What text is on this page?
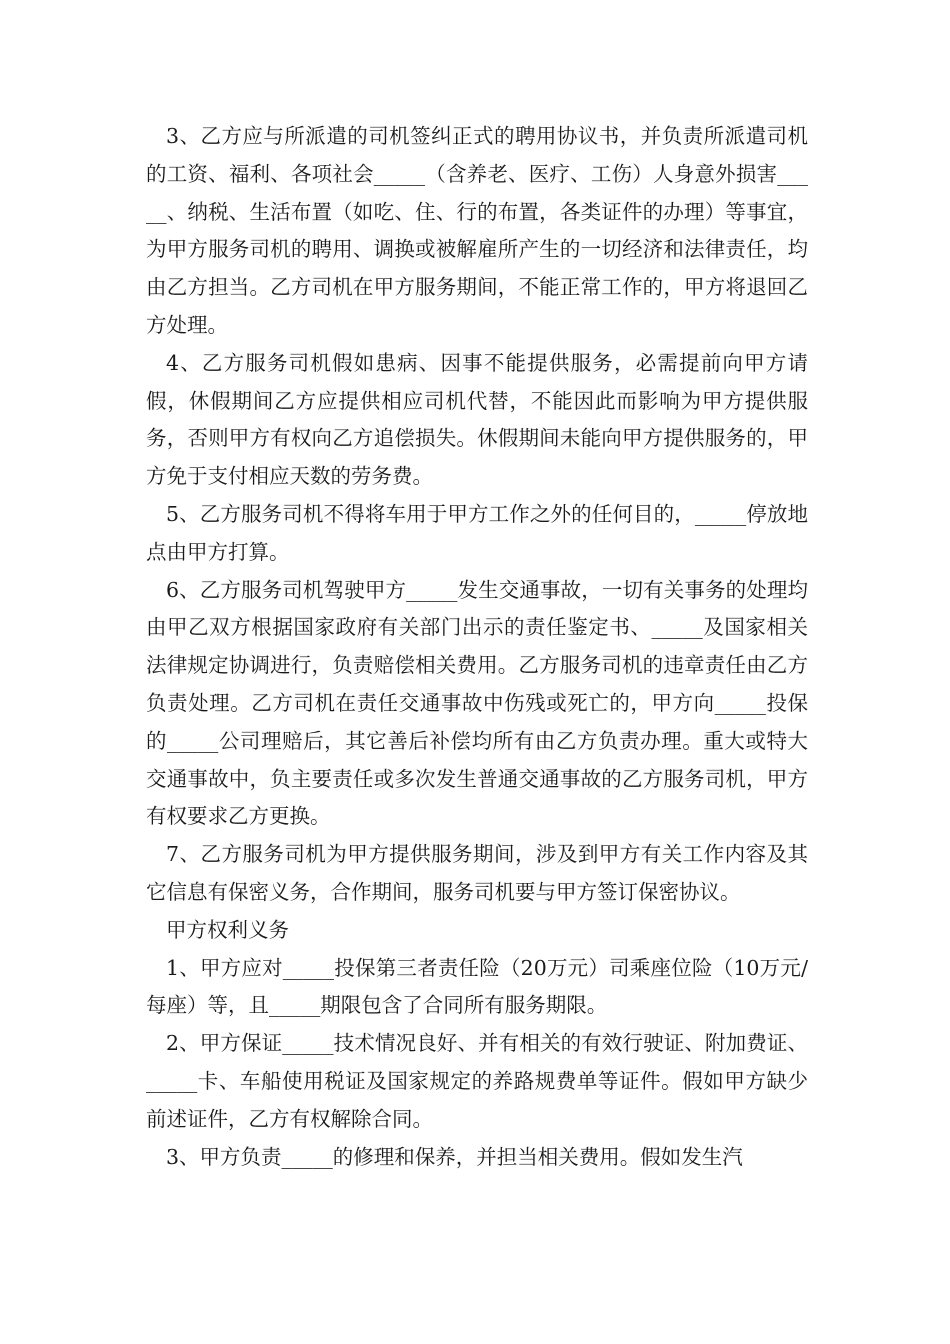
3、乙方应与所派遣的司机签纠正式的聘用协议书，并负责所派遣司机的工资、福利、各项社会_____（含养老、医疗、工伤）人身意外损害_____、纳税、生活布置（如吃、住、行的布置，各类证件的办理）等事宜，为甲方服务司机的聘用、调换或被解雇所产生的一切经济和法律责任，均由乙方担当。乙方司机在甲方服务期间，不能正常工作的，甲方将退回乙方处理。

4、乙方服务司机假如患病、因事不能提供服务，必需提前向甲方请假，休假期间乙方应提供相应司机代替，不能因此而影响为甲方提供服务，否则甲方有权向乙方追偿损失。休假期间未能向甲方提供服务的，甲方免于支付相应天数的劳务费。

5、乙方服务司机不得将车用于甲方工作之外的任何目的，_____停放地点由甲方打算。

6、乙方服务司机驾驶甲方_____发生交通事故，一切有关事务的处理均由甲乙双方根据国家政府有关部门出示的责任鉴定书、_____及国家相关法律规定协调进行，负责赔偿相关费用。乙方服务司机的违章责任由乙方负责处理。乙方司机在责任交通事故中伤残或死亡的，甲方向_____投保的_____公司理赔后，其它善后补偿均所有由乙方负责办理。重大或特大交通事故中，负主要责任或多次发生普通交通事故的乙方服务司机，甲方有权要求乙方更换。

7、乙方服务司机为甲方提供服务期间，涉及到甲方有关工作内容及其它信息有保密义务，合作期间，服务司机要与甲方签订保密协议。

甲方权利义务

1、甲方应对_____投保第三者责任险（20万元）司乘座位险（10万元/每座）等，且_____期限包含了合同所有服务期限。

2、甲方保证_____技术情况良好、并有相关的有效行驶证、附加费证、_____卡、车船使用税证及国家规定的养路规费单等证件。假如甲方缺少前述证件，乙方有权解除合同。

3、甲方负责_____的修理和保养，并担当相关费用。假如发生汽
